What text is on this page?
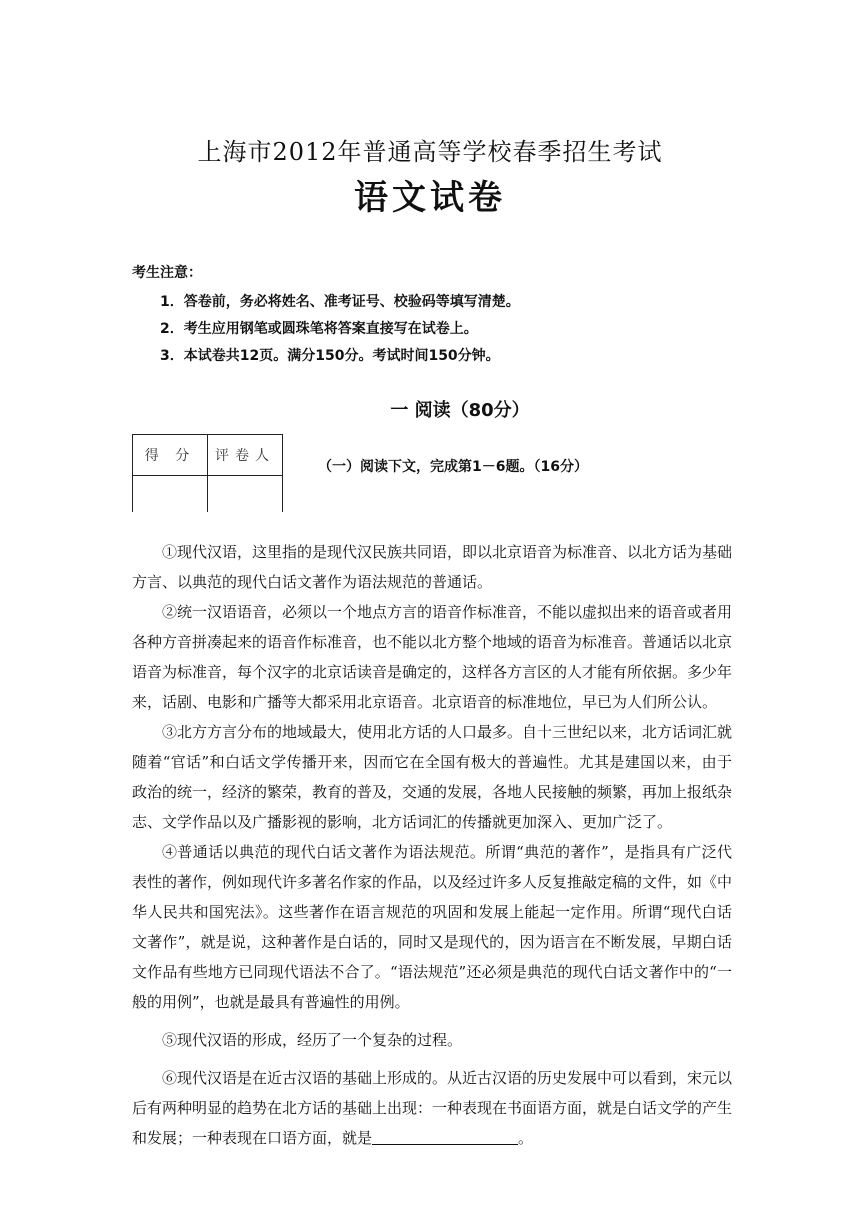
上海市2012年普通高等学校春季招生考试
语文试卷
考生注意：
1．答卷前，务必将姓名、准考证号、校验码等填写清楚。
2．考生应用钢笔或圆珠笔将答案直接写在试卷上。
3．本试卷共12页。满分150分。考试时间150分钟。
一 阅读（80分）
得 分	评卷人

（一）阅读下文，完成第1－6题。（16分）

①现代汉语，这里指的是现代汉民族共同语，即以北京语音为标准音、以北方话为基础方言、以典范的现代白话文著作为语法规范的普通话。

②统一汉语语音，必须以一个地点方言的语音作标准音，不能以虚拟出来的语音或者用各种方音拼凑起来的语音作标准音，也不能以北方整个地域的语音为标准音。普通话以北京语音为标准音，每个汉字的北京话读音是确定的，这样各方言区的人才能有所依据。多少年来，话剧、电影和广播等大都采用北京语音。北京语音的标准地位，早已为人们所公认。

③北方方言分布的地域最大，使用北方话的人口最多。自十三世纪以来，北方话词汇就随着“官话”和白话文学传播开来，因而它在全国有极大的普遍性。尤其是建国以来，由于政治的统一，经济的繁荣，教育的普及，交通的发展，各地人民接触的频繁，再加上报纸杂志、文学作品以及广播影视的影响，北方话词汇的传播就更加深入、更加广泛了。

④普通话以典范的现代白话文著作为语法规范。所谓“典范的著作”，是指具有广泛代表性的著作，例如现代许多著名作家的作品，以及经过许多人反复推敲定稿的文件，如《中华人民共和国宪法》。这些著作在语言规范的巩固和发展上能起一定作用。所谓“现代白话文著作”，就是说，这种著作是白话的，同时又是现代的，因为语言在不断发展，早期白话文作品有些地方已同现代语法不合了。“语法规范”还必须是典范的现代白话文著作中的“一般的用例”，也就是最具有普遍性的用例。

⑤现代汉语的形成，经历了一个复杂的过程。

⑥现代汉语是在近古汉语的基础上形成的。从近古汉语的历史发展中可以看到，宋元以后有两种明显的趋势在北方话的基础上出现：一种表现在书面语方面，就是白话文学的产生和发展；一种表现在口语方面，就是	。
